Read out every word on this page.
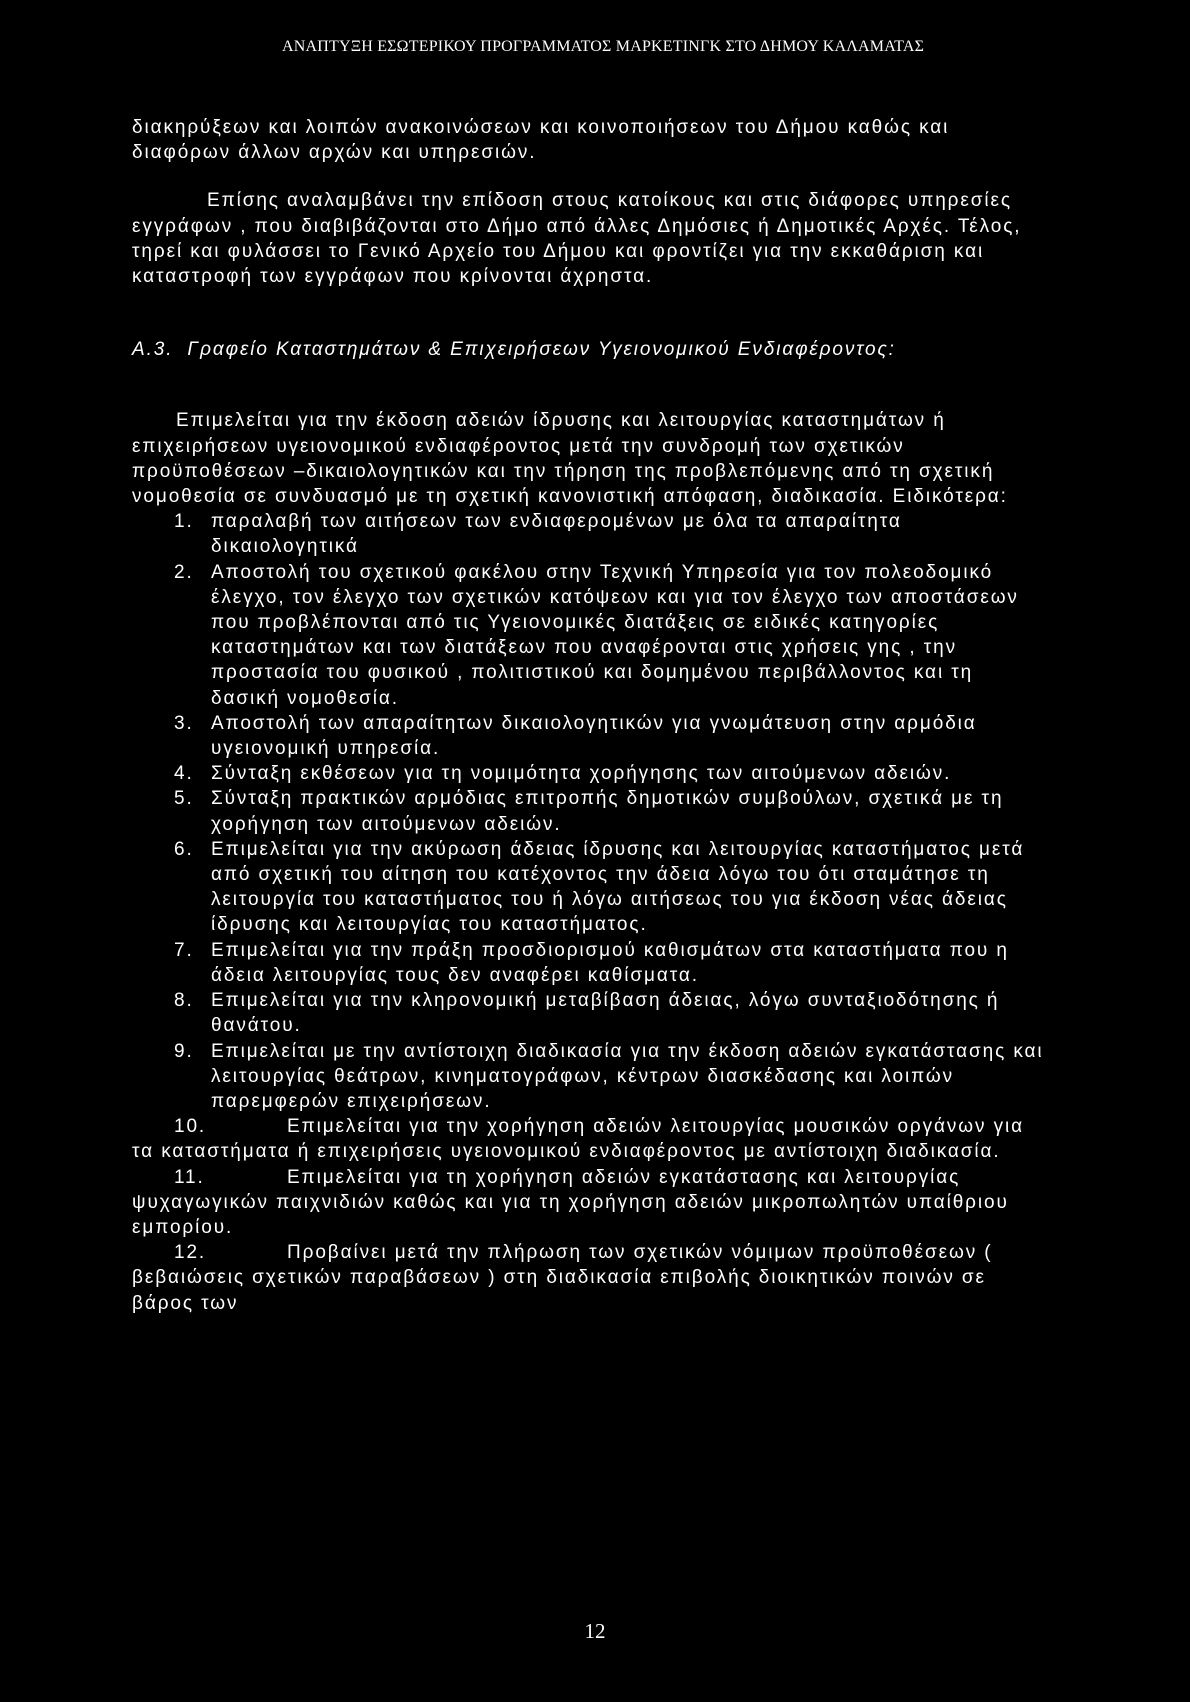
ΑΝΑΠΤΥΞΗ ΕΣΩΤΕΡΙΚΟΥ ΠΡΟΓΡΑΜΜΑΤΟΣ ΜΑΡΚΕΤΙΝΓΚ ΣΤΟ ΔΗΜΟΥ ΚΑΛΑΜΑΤΑΣ

διακηρύξεων και λοιπών ανακοινώσεων και κοινοποιήσεων του Δήμου καθώς και διαφόρων άλλων αρχών και υπηρεσιών.

Επίσης αναλαμβάνει την επίδοση στους κατοίκους και στις διάφορες υπηρεσίες εγγράφων , που διαβιβάζονται στο Δήμο από άλλες Δημόσιες ή Δημοτικές Αρχές. Τέλος, τηρεί και φυλάσσει το Γενικό Αρχείο του Δήμου και φροντίζει για την εκκαθάριση και καταστροφή των εγγράφων που κρίνονται άχρηστα.

Α.3. Γραφείο Καταστημάτων & Επιχειρήσεων Υγειονομικού Ενδιαφέροντος:

Επιμελείται για την έκδοση αδειών ίδρυσης και λειτουργίας καταστημάτων ή επιχειρήσεων υγειονομικού ενδιαφέροντος μετά την συνδρομή των σχετικών προϋποθέσεων –δικαιολογητικών και την τήρηση της προβλεπόμενης από τη σχετική νομοθεσία σε συνδυασμό με τη σχετική κανονιστική απόφαση, διαδικασία. Ειδικότερα:

1. παραλαβή των αιτήσεων των ενδιαφερομένων με όλα τα απαραίτητα δικαιολογητικά
2. Αποστολή του σχετικού φακέλου στην Τεχνική Υπηρεσία για τον πολεοδομικό έλεγχο, τον έλεγχο των σχετικών κατόψεων και για τον έλεγχο των αποστάσεων που προβλέπονται από τις Υγειονομικές διατάξεις σε ειδικές κατηγορίες καταστημάτων και των διατάξεων που αναφέρονται στις χρήσεις γης , την προστασία του φυσικού , πολιτιστικού και δομημένου περιβάλλοντος και τη δασική νομοθεσία.
3. Αποστολή των απαραίτητων δικαιολογητικών για γνωμάτευση στην αρμόδια υγειονομική υπηρεσία.
4. Σύνταξη εκθέσεων για τη νομιμότητα χορήγησης των αιτούμενων αδειών.
5. Σύνταξη πρακτικών αρμόδιας επιτροπής δημοτικών συμβούλων, σχετικά με τη χορήγηση των αιτούμενων αδειών.
6. Επιμελείται για την ακύρωση άδειας ίδρυσης και λειτουργίας καταστήματος μετά από σχετική του αίτηση του κατέχοντος την άδεια λόγω του ότι σταμάτησε τη λειτουργία του καταστήματος του ή λόγω αιτήσεως του για έκδοση νέας άδειας ίδρυσης και λειτουργίας του καταστήματος.
7. Επιμελείται για την πράξη προσδιορισμού καθισμάτων στα καταστήματα που η άδεια λειτουργίας τους δεν αναφέρει καθίσματα.
8. Επιμελείται για την κληρονομική μεταβίβαση άδειας, λόγω συνταξιοδότησης ή θανάτου.
9. Επιμελείται με την αντίστοιχη διαδικασία για την έκδοση αδειών εγκατάστασης και λειτουργίας θεάτρων, κινηματογράφων, κέντρων διασκέδασης και λοιπών παρεμφερών επιχειρήσεων.
10.	Επιμελείται για την χορήγηση αδειών λειτουργίας μουσικών οργάνων για τα καταστήματα ή επιχειρήσεις υγειονομικού ενδιαφέροντος με αντίστοιχη διαδικασία.
11.	Επιμελείται για τη χορήγηση αδειών εγκατάστασης και λειτουργίας ψυχαγωγικών παιχνιδιών καθώς και για τη χορήγηση αδειών μικροπωλητών υπαίθριου εμπορίου.
12.	Προβαίνει μετά την πλήρωση των σχετικών νόμιμων προϋποθέσεων ( βεβαιώσεις σχετικών παραβάσεων ) στη διαδικασία επιβολής διοικητικών ποινών σε βάρος των
12
